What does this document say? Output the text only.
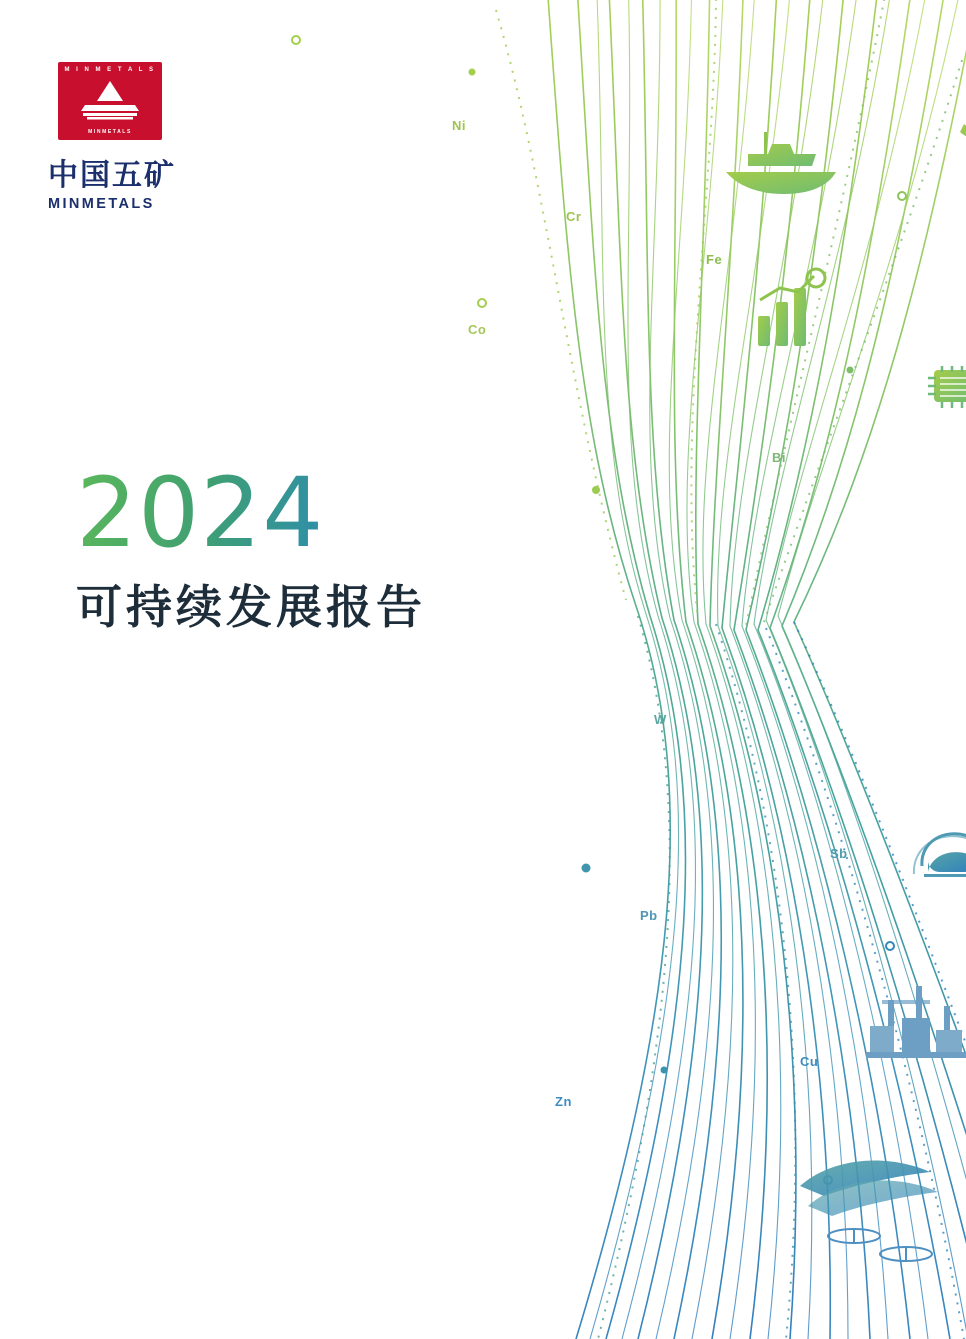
Ni
Cr
Fe
Co
Bi
W
Sb
Pb
Cu
Zn
M I N M E T A L S
MINMETALS
中国五矿
MINMETALS
2024
可持续发展报告
